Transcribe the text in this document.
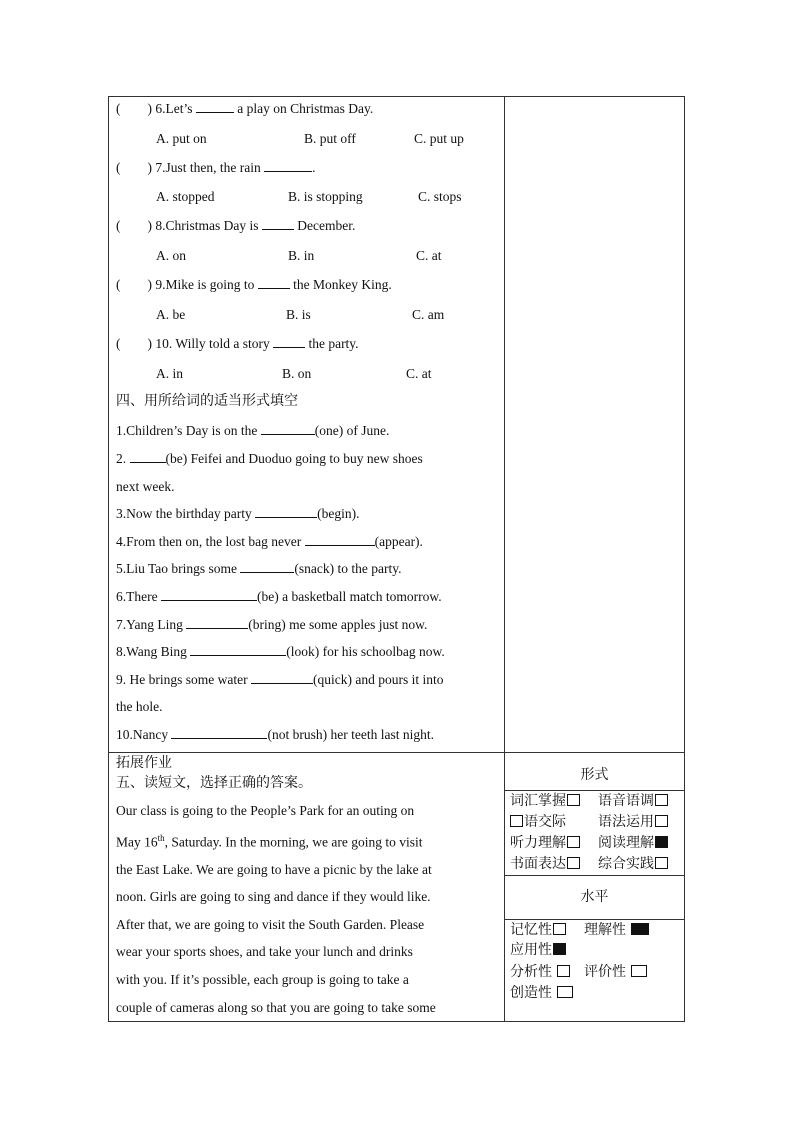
(　　) 6.Let’s	a play on Christmas Day.
A. put on	B. put off	C. put up
(　　) 7.Just then, the rain	.
A. stopped	B. is stopping	C. stops
(　　) 8.Christmas Day is  December.
A. on	B. in	C. at
(　　) 9.Mike is going to  the Monkey King.
A. be	B. is	C. am
(　　) 10. Willy told a story  the party.
A. in	B. on	C. at
四、用所给词的适当形式填空
1.Children’s Day is on the	(one) of June.
2.	(be) Feifei and Duoduo going to buy new shoes
next week.
3.Now the birthday party	(begin).
4.From then on, the lost bag never	(appear).
5.Liu Tao brings some	(snack) to the party.
6.There	(be) a basketball match tomorrow.
7.Yang Ling	(bring) me some apples just now.
8.Wang Bing	(look) for his schoolbag now.
9. He brings some water	(quick) and pours it into
the hole.
10.Nancy	(not brush) her teeth last night.
拓展作业
五、读短文，选择正确的答案。
Our class is going to the People’s Park for an outing on
May 16th, Saturday. In the morning, we are going to visit
the East Lake. We are going to have a picnic by the lake at
noon. Girls are going to sing and dance if they would like.
After that, we are going to visit the South Garden. Please
wear your sports shoes, and take your lunch and drinks
with you. If it’s possible, each group is going to take a
couple of cameras along so that you are going to take some
形式
词汇掌握	语音语调
语交际 语法运用
听力理解	阅读理解
书面表达	综合实践
水平
记忆性	理解性
应用性
分析性	评价性
创造性
